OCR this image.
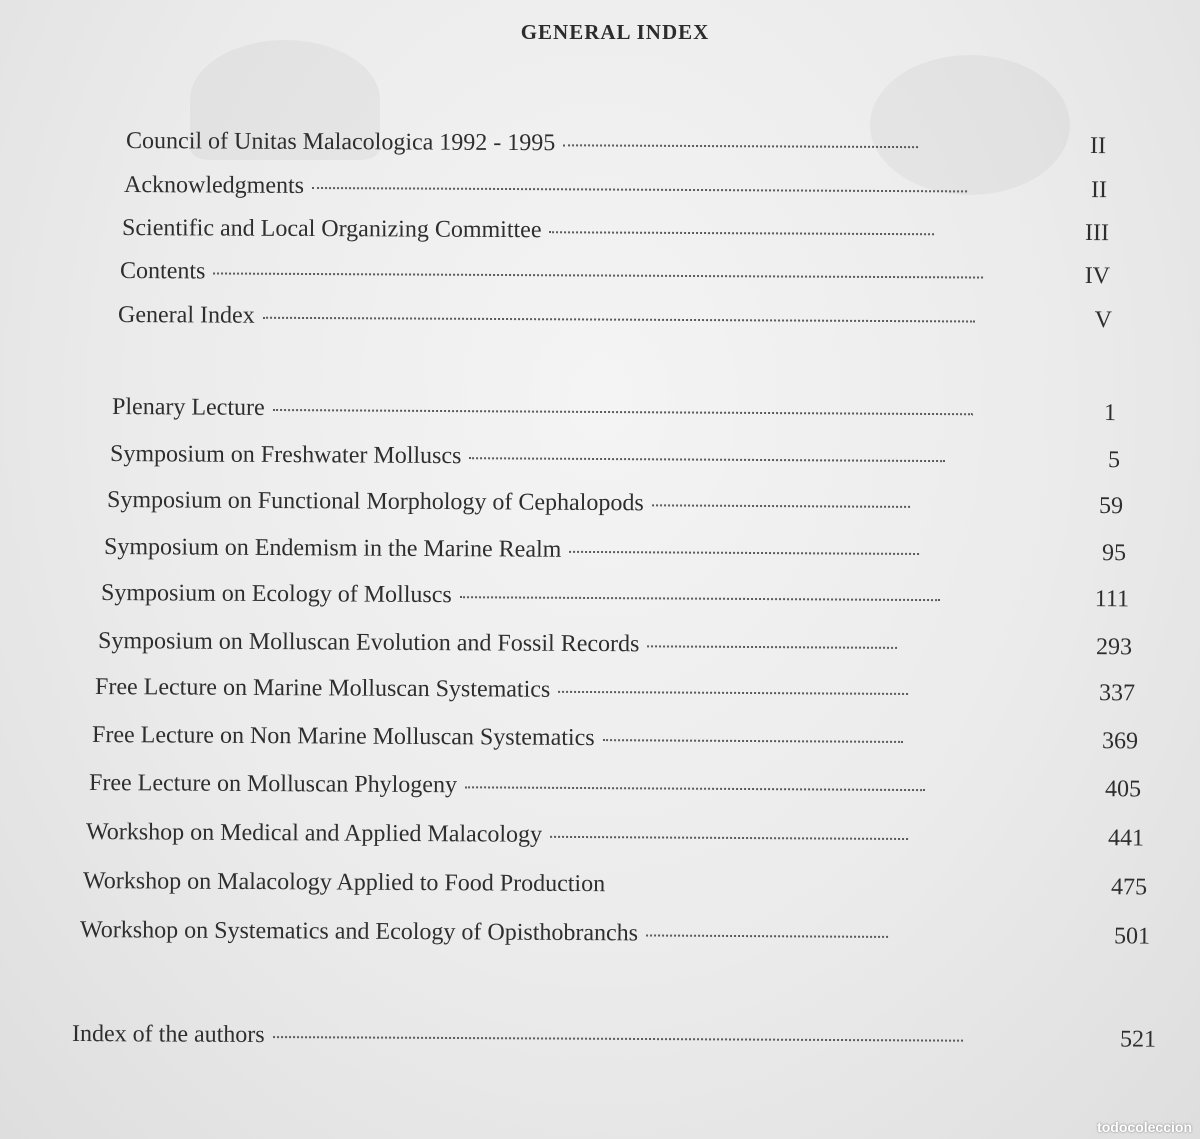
GENERAL INDEX
Council of Unitas Malacologica 1992 - 1995	II
Acknowledgments	II
Scientific and Local Organizing Committee	III
Contents	IV
General Index	V
Plenary Lecture	1
Symposium on Freshwater Molluscs	5
Symposium on Functional Morphology of Cephalopods	59
Symposium on Endemism in the Marine Realm	95
Symposium on Ecology of Molluscs	111
Symposium on Molluscan Evolution and Fossil Records	293
Free Lecture on Marine Molluscan Systematics	337
Free Lecture on Non Marine Molluscan Systematics	369
Free Lecture on Molluscan Phylogeny	405
Workshop on Medical and Applied Malacology	441
Workshop on Malacology Applied to Food Production	475
Workshop on Systematics and Ecology of Opisthobranchs	501
Index of the authors	521
todocoleccion
